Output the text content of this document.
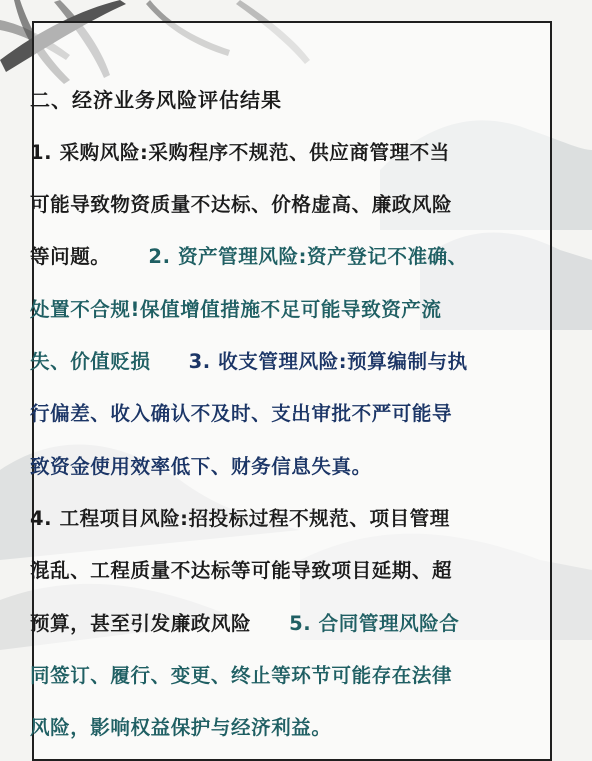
二、经济业务风险评估结果
1. 采购风险:采购程序不规范、供应商管理不当
可能导致物资质量不达标、价格虚高、廉政风险
等问题。 2. 资产管理风险:资产登记不准确、
处置不合规!保值增值措施不足可能导致资产流
失、价值贬损 3. 收支管理风险:预算编制与执
行偏差、收入确认不及时、支出审批不严可能导
致资金使用效率低下、财务信息失真。
4. 工程项目风险:招投标过程不规范、项目管理
混乱、工程质量不达标等可能导致项目延期、超
预算，甚至引发廉政风险 5. 合同管理风险合
同签订、履行、变更、终止等环节可能存在法律
风险，影响权益保护与经济利益。
